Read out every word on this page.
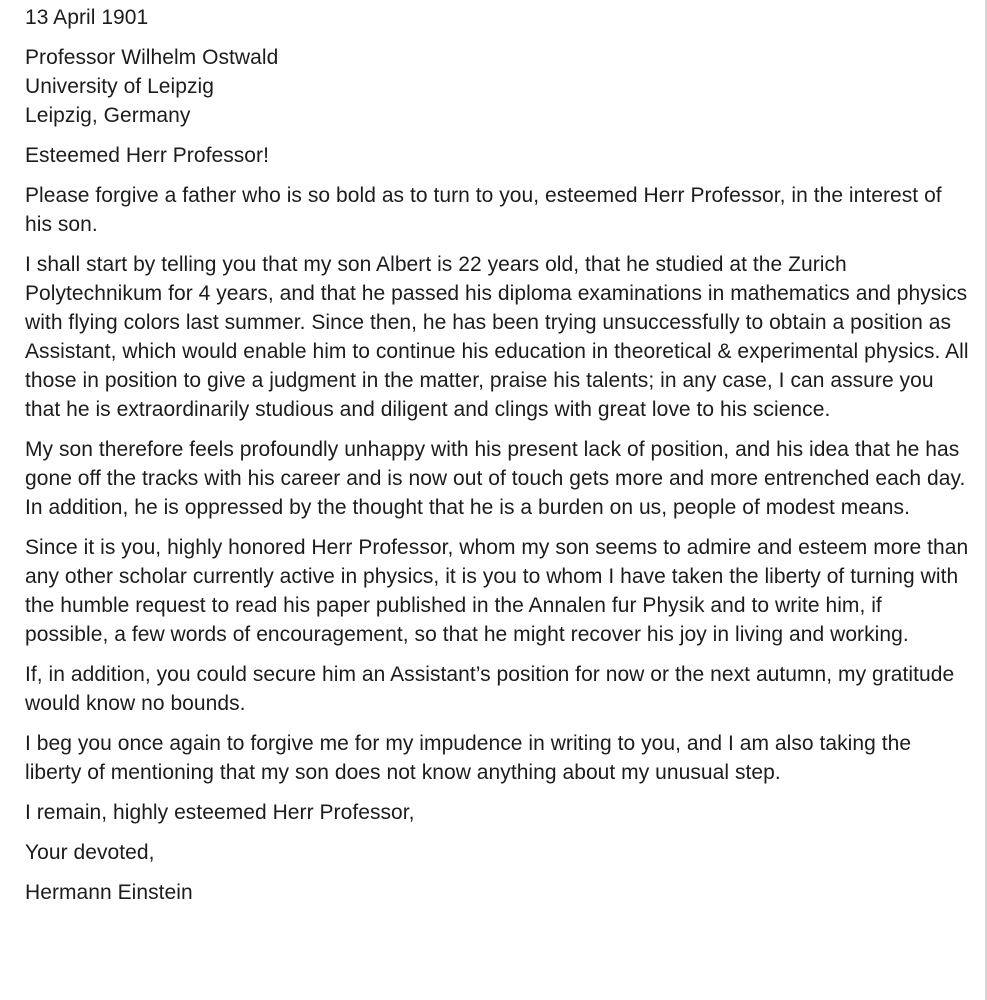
13 April 1901

Professor Wilhelm Ostwald
University of Leipzig
Leipzig, Germany

Esteemed Herr Professor!

Please forgive a father who is so bold as to turn to you, esteemed Herr Professor, in the interest of his son.

I shall start by telling you that my son Albert is 22 years old, that he studied at the Zurich Polytechnikum for 4 years, and that he passed his diploma examinations in mathematics and physics with flying colors last summer. Since then, he has been trying unsuccessfully to obtain a position as Assistant, which would enable him to continue his education in theoretical & experimental physics. All those in position to give a judgment in the matter, praise his talents; in any case, I can assure you that he is extraordinarily studious and diligent and clings with great love to his science.

My son therefore feels profoundly unhappy with his present lack of position, and his idea that he has gone off the tracks with his career and is now out of touch gets more and more entrenched each day. In addition, he is oppressed by the thought that he is a burden on us, people of modest means.

Since it is you, highly honored Herr Professor, whom my son seems to admire and esteem more than any other scholar currently active in physics, it is you to whom I have taken the liberty of turning with the humble request to read his paper published in the Annalen fur Physik and to write him, if possible, a few words of encouragement, so that he might recover his joy in living and working.

If, in addition, you could secure him an Assistant’s position for now or the next autumn, my gratitude would know no bounds.

I beg you once again to forgive me for my impudence in writing to you, and I am also taking the liberty of mentioning that my son does not know anything about my unusual step.

I remain, highly esteemed Herr Professor,

Your devoted,

Hermann Einstein
